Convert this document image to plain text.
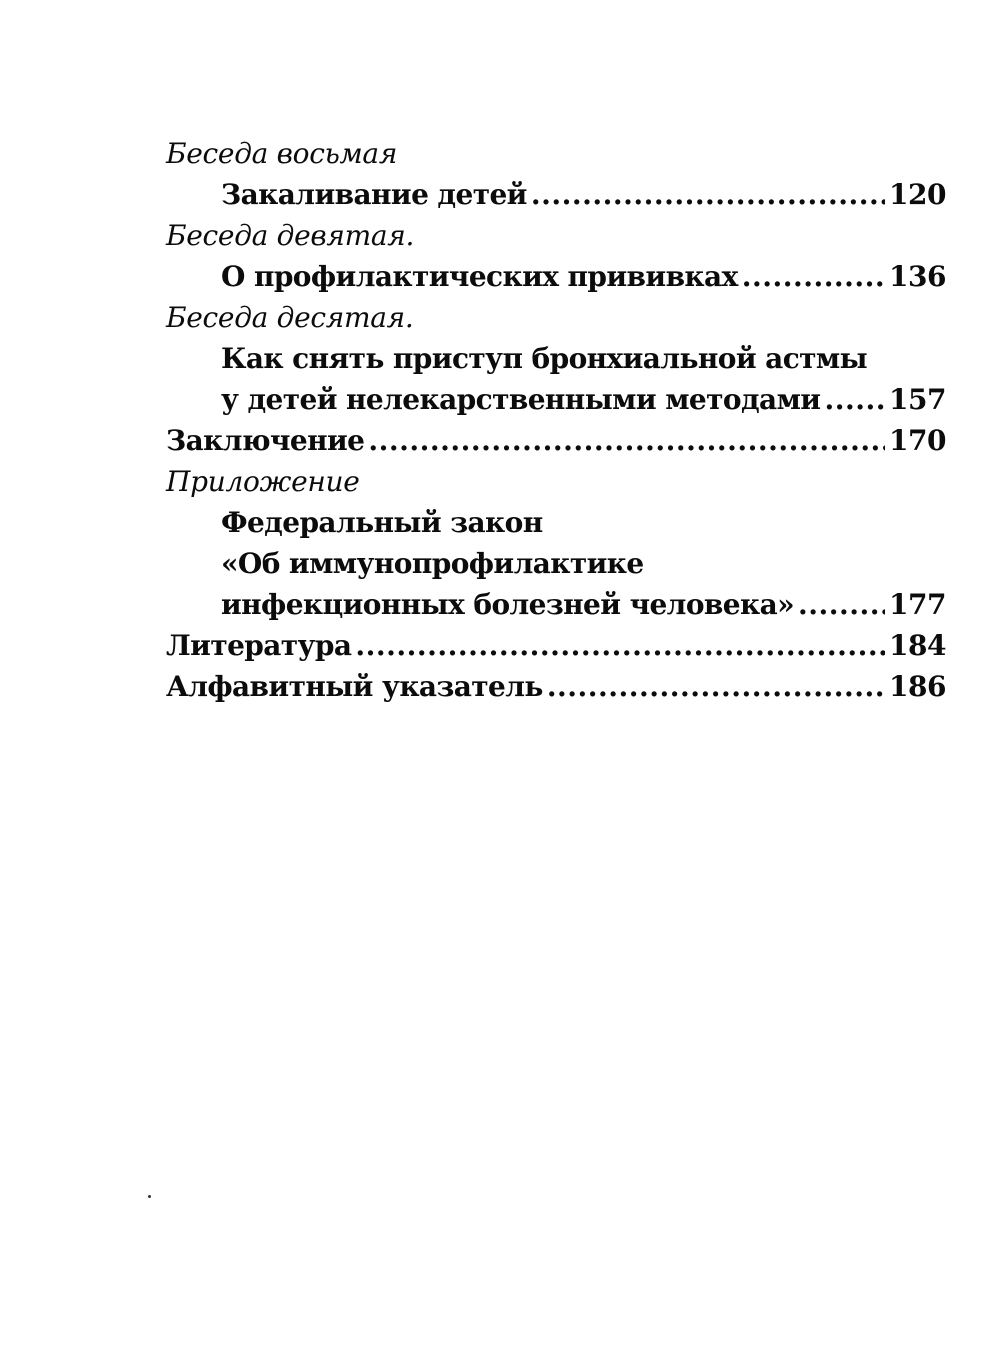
Беседа восьмая
Закаливание детей .....	120
Беседа девятая.
О профилактических прививках .....	136
Беседа десятая.
Как снять приступ бронхиальной астмы
у детей нелекарственными методами ..... 157
Заключение .....	170
Приложение
Федеральный закон
«Об иммунопрофилактике
инфекционных болезней человека» .....	177
Литература .....	184
Алфавитный указатель .....	186
